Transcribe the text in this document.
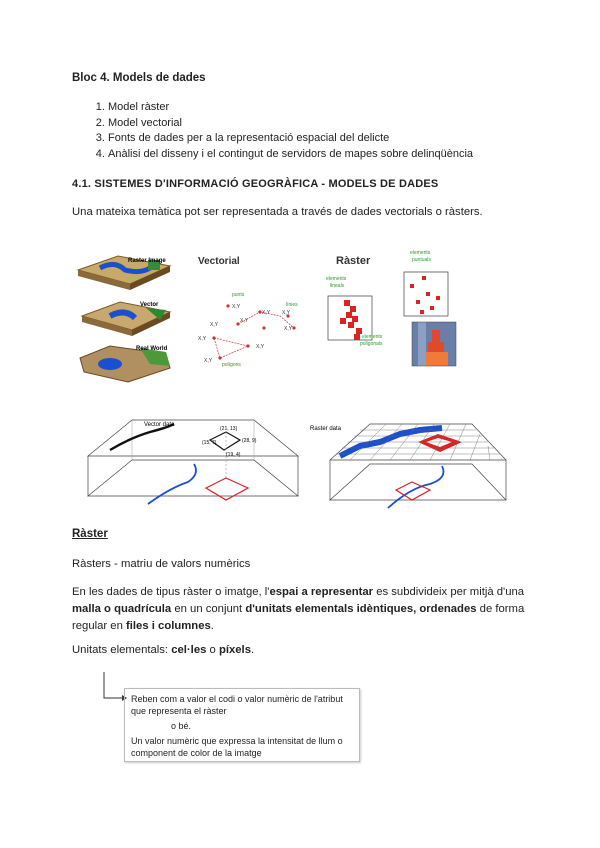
Bloc 4. Models de dades
1. Model ràster
2. Model vectorial
3. Fonts de dades per a la representació espacial del delicte
4. Anàlisi del disseny i el contingut de servidors de mapes sobre delinqüència
4.1. SISTEMES D'INFORMACIÓ GEOGRÀFICA - MODELS DE DADES
Una mateixa temàtica pot ser representada a través de dades vectorials o ràsters.
Raster Image
Vector
Real World
Vectorial
punts
línies
polígons
X,Y
X,Y X,Y
X,Y
X,Y
X,Y
X,Y
X,Y
X,Y
Ràster
elements
lineals
elements
puntuals
elements
poligonals
Vector data
(21, 13)
(15, 7)	(28, 9)
(19, 4)
Raster data
Ràster
Ràsters - matriu de valors numèrics
En les dades de tipus ràster o imatge, l'espai a representar es subdivideix per mitjà d'una malla o quadrícula en un conjunt d'unitats elementals idèntiques, ordenades de forma regular en files i columnes.
Unitats elementals: cel·les o píxels.
Reben com a valor el codi o valor numèric de l'atribut que representa el ràster
o bé.
Un valor numèric que expressa la intensitat de llum o component de color de la imatge
